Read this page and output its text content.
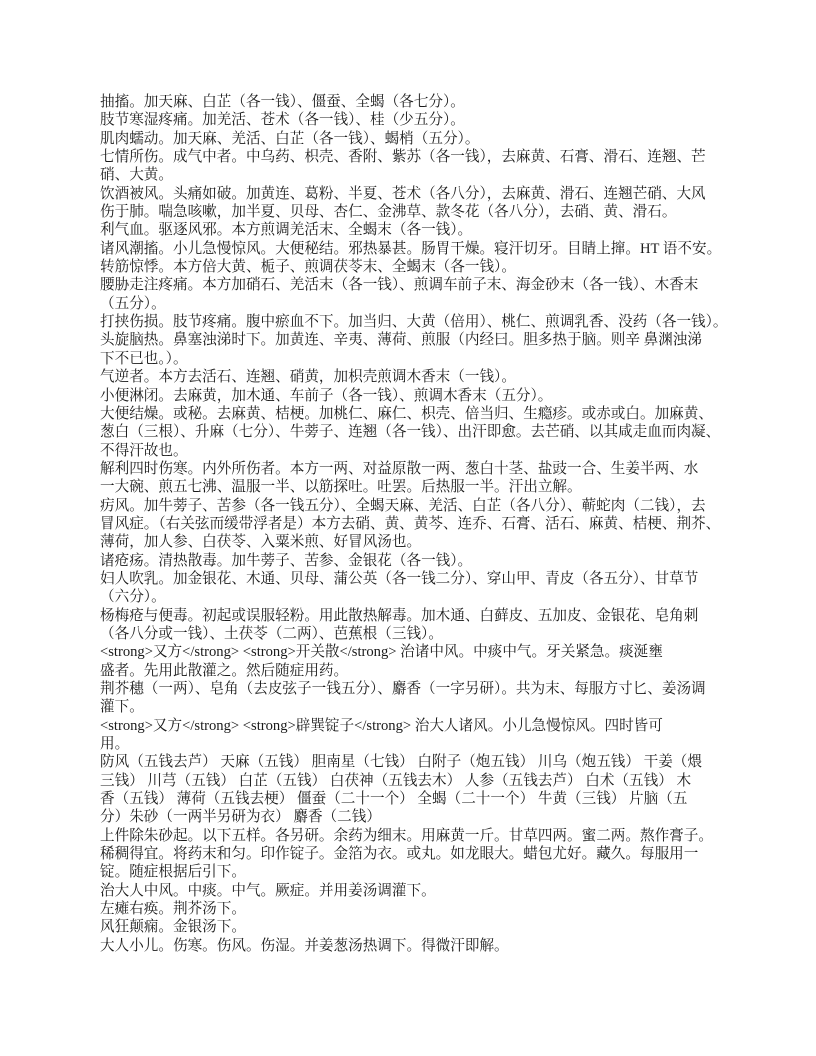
抽搐。加天麻、白芷（各一钱）、僵蚕、全蝎（各七分）。
肢节寒湿疼痛。加羌活、苍术（各一钱）、桂（少五分）。
肌肉蠕动。加天麻、羌活、白芷（各一钱）、蝎梢（五分）。
七情所伤。成气中者。中乌药、枳壳、香附、紫苏（各一钱），去麻黄、石膏、滑石、连翘、芒
硝、大黄。
饮酒被风。头痛如破。加黄连、葛粉、半夏、苍术（各八分），去麻黄、滑石、连翘芒硝、大风
伤于肺。喘急咳嗽，加半夏、贝母、杏仁、金沸草、款冬花（各八分），去硝、黄、滑石。
利气血。驱逐风邪。本方煎调羌活末、全蝎末（各一钱）。
诸风潮搐。小儿急慢惊风。大便秘结。邪热暴甚。肠胃干燥。寝汗切牙。目睛上撺。HT 语不安。
转筋惊悸。本方倍大黄、栀子、煎调茯苓末、全蝎末（各一钱）。
腰胁走注疼痛。本方加硝石、羌活末（各一钱）、煎调车前子末、海金砂末（各一钱）、木香末
（五分）。
打挟伤损。肢节疼痛。腹中瘀血不下。加当归、大黄（倍用）、桃仁、煎调乳香、没药（各一钱）。
头旋脑热。鼻塞浊涕时下。加黄连、辛夷、薄荷、煎服（内经曰。胆多热于脑。则辛 鼻渊浊涕
下不已也。）。
气逆者。本方去活石、连翘、硝黄，加枳壳煎调木香末（一钱）。
小便淋闭。去麻黄，加木通、车前子（各一钱）、煎调木香末（五分）。
大便结燥。或秘。去麻黄、桔梗。加桃仁、麻仁、枳壳、倍当归、生瘾疹。或赤或白。加麻黄、
葱白（三根）、升麻（七分）、牛蒡子、连翘（各一钱）、出汗即愈。去芒硝、以其咸走血而肉凝、
不得汗故也。
解利四时伤寒。内外所伤者。本方一两、对益原散一两、葱白十茎、盐豉一合、生姜半两、水
一大碗、煎五七沸、温服一半、以筋探吐。吐罢。后热服一半。汗出立解。
疠风。加牛蒡子、苦参（各一钱五分）、全蝎天麻、羌活、白芷（各八分）、蕲蛇肉（二钱），去
冒风症。（右关弦而缓带浮者是）本方去硝、黄、黄芩、连乔、石膏、活石、麻黄、桔梗、荆芥、
薄荷，加人参、白茯苓、入粟米煎、好冒风汤也。
诸疮疡。清热散毒。加牛蒡子、苦参、金银花（各一钱）。
妇人吹乳。加金银花、木通、贝母、蒲公英（各一钱二分）、穿山甲、青皮（各五分）、甘草节
（六分）。
杨梅疮与便毒。初起或误服轻粉。用此散热解毒。加木通、白藓皮、五加皮、金银花、皂角刺
（各八分或一钱）、土茯苓（二两）、芭蕉根（三钱）。
<strong>又方</strong> <strong>开关散</strong> 治诸中风。中痰中气。牙关紧急。痰涎壅
盛者。先用此散灌之。然后随症用药。
荆芥穗（一两）、皂角（去皮弦子一钱五分）、麝香（一字另研）。共为末、每服方寸匕、姜汤调
灌下。
<strong>又方</strong> <strong>辟巽锭子</strong> 治大人诸风。小儿急慢惊风。四时皆可
用。
防风（五钱去芦） 天麻（五钱） 胆南星（七钱） 白附子（炮五钱） 川乌（炮五钱） 干姜（煨
三钱） 川芎（五钱） 白芷（五钱） 白茯神（五钱去木） 人参（五钱去芦） 白术（五钱） 木
香（五钱） 薄荷（五钱去梗） 僵蚕（二十一个） 全蝎（二十一个） 牛黄（三钱） 片脑（五
分）朱砂（一两半另研为衣） 麝香（二钱）
上件除朱砂起。以下五样。各另研。余药为细末。用麻黄一斤。甘草四两。蜜二两。熬作膏子。
稀稠得宜。将药末和匀。印作锭子。金箔为衣。或丸。如龙眼大。蜡包尤好。藏久。每服用一
锭。随症根据后引下。
治大人中风。中痰。中气。厥症。并用姜汤调灌下。
左瘫右痪。荆芥汤下。
风狂颠痫。金银汤下。
大人小儿。伤寒。伤风。伤湿。并姜葱汤热调下。得微汗即解。
